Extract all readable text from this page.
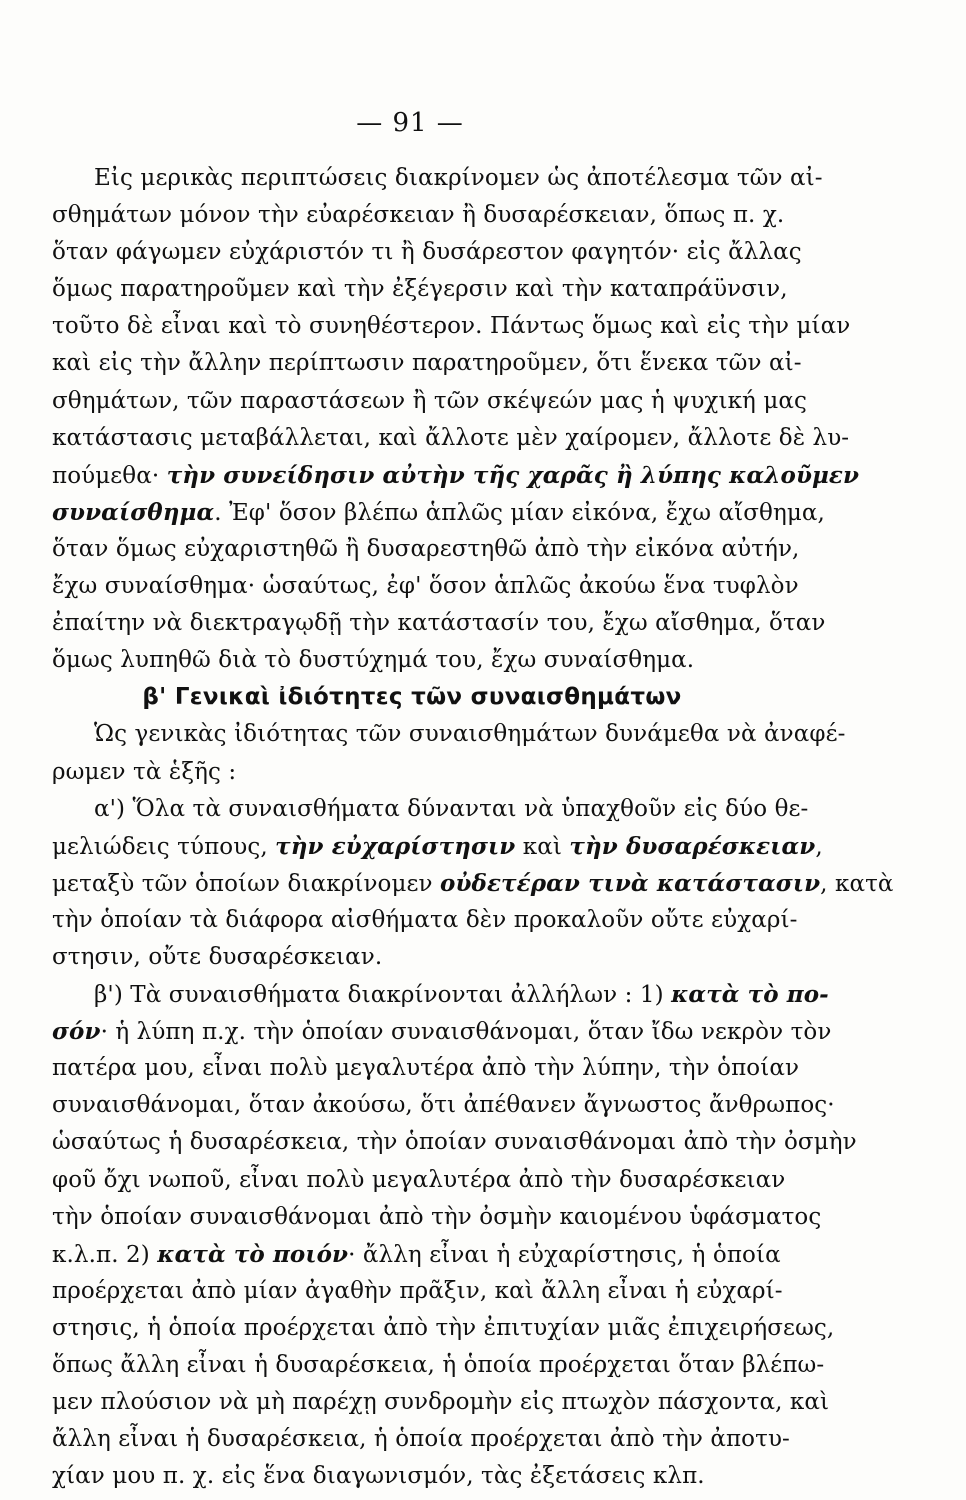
— 91 —
Εἰς μερικὰς περιπτώσεις διακρίνομεν ὡς ἀποτέλεσμα τῶν αἰ-
σθημάτων μόνον τὴν εὐαρέσκειαν ἢ δυσαρέσκειαν, ὅπως π. χ.
ὅταν φάγωμεν εὐχάριστόν τι ἢ δυσάρεστον φαγητόν· εἰς ἄλλας
ὅμως παρατηροῦμεν καὶ τὴν ἐξέγερσιν καὶ τὴν καταπράϋνσιν,
τοῦτο δὲ εἶναι καὶ τὸ συνηθέστερον. Πάντως ὅμως καὶ εἰς τὴν μίαν
καὶ εἰς τὴν ἄλλην περίπτωσιν παρατηροῦμεν, ὅτι ἕνεκα τῶν αἰ-
σθημάτων, τῶν παραστάσεων ἢ τῶν σκέψεών μας ἡ ψυχική μας
κατάστασις μεταβάλλεται, καὶ ἄλλοτε μὲν χαίρομεν, ἄλλοτε δὲ λυ-
πούμεθα· τὴν συνείδησιν αὐτὴν τῆς χαρᾶς ἢ λύπης καλοῦμεν
συναίσθημα. Ἐφ' ὅσον βλέπω ἁπλῶς μίαν εἰκόνα, ἔχω αἴσθημα,
ὅταν ὅμως εὐχαριστηθῶ ἢ δυσαρεστηθῶ ἀπὸ τὴν εἰκόνα αὐτήν,
ἔχω συναίσθημα· ὡσαύτως, ἐφ' ὅσον ἁπλῶς ἀκούω ἕνα τυφλὸν
ἐπαίτην νὰ διεκτραγῳδῇ τὴν κατάστασίν του, ἔχω αἴσθημα, ὅταν
ὅμως λυπηθῶ διὰ τὸ δυστύχημά του, ἔχω συναίσθημα.
β' Γενικαὶ ἰδιότητες τῶν συναισθημάτων
Ὡς γενικὰς ἰδιότητας τῶν συναισθημάτων δυνάμεθα νὰ ἀναφέ-
ρωμεν τὰ ἑξῆς :
α') Ὅλα τὰ συναισθήματα δύνανται νὰ ὑπαχθοῦν εἰς δύο θε-
μελιώδεις τύπους, τὴν εὐχαρίστησιν καὶ τὴν δυσαρέσκειαν,
μεταξὺ τῶν ὁποίων διακρίνομεν οὐδετέραν τινὰ κατάστασιν, κατὰ
τὴν ὁποίαν τὰ διάφορα αἰσθήματα δὲν προκαλοῦν οὔτε εὐχαρί-
στησιν, οὔτε δυσαρέσκειαν.
β') Τὰ συναισθήματα διακρίνονται ἀλλήλων : 1) κατὰ τὸ πο-
σόν· ἡ λύπη π.χ. τὴν ὁποίαν συναισθάνομαι, ὅταν ἴδω νεκρὸν τὸν
πατέρα μου, εἶναι πολὺ μεγαλυτέρα ἀπὸ τὴν λύπην, τὴν ὁποίαν
συναισθάνομαι, ὅταν ἀκούσω, ὅτι ἀπέθανεν ἄγνωστος ἄνθρωπος·
ὡσαύτως ἡ δυσαρέσκεια, τὴν ὁποίαν συναισθάνομαι ἀπὸ τὴν ὀσμὴν
φοῦ ὄχι νωποῦ, εἶναι πολὺ μεγαλυτέρα ἀπὸ τὴν δυσαρέσκειαν
τὴν ὁποίαν συναισθάνομαι ἀπὸ τὴν ὀσμὴν καιομένου ὑφάσματος
κ.λ.π. 2) κατὰ τὸ ποιόν· ἄλλη εἶναι ἡ εὐχαρίστησις, ἡ ὁποία
προέρχεται ἀπὸ μίαν ἀγαθὴν πρᾶξιν, καὶ ἄλλη εἶναι ἡ εὐχαρί-
στησις, ἡ ὁποία προέρχεται ἀπὸ τὴν ἐπιτυχίαν μιᾶς ἐπιχειρήσεως,
ὅπως ἄλλη εἶναι ἡ δυσαρέσκεια, ἡ ὁποία προέρχεται ὅταν βλέπω-
μεν πλούσιον νὰ μὴ παρέχῃ συνδρομὴν εἰς πτωχὸν πάσχοντα, καὶ
ἄλλη εἶναι ἡ δυσαρέσκεια, ἡ ὁποία προέρχεται ἀπὸ τὴν ἀποτυ-
χίαν μου π. χ. εἰς ἕνα διαγωνισμόν, τὰς ἐξετάσεις κλπ.
